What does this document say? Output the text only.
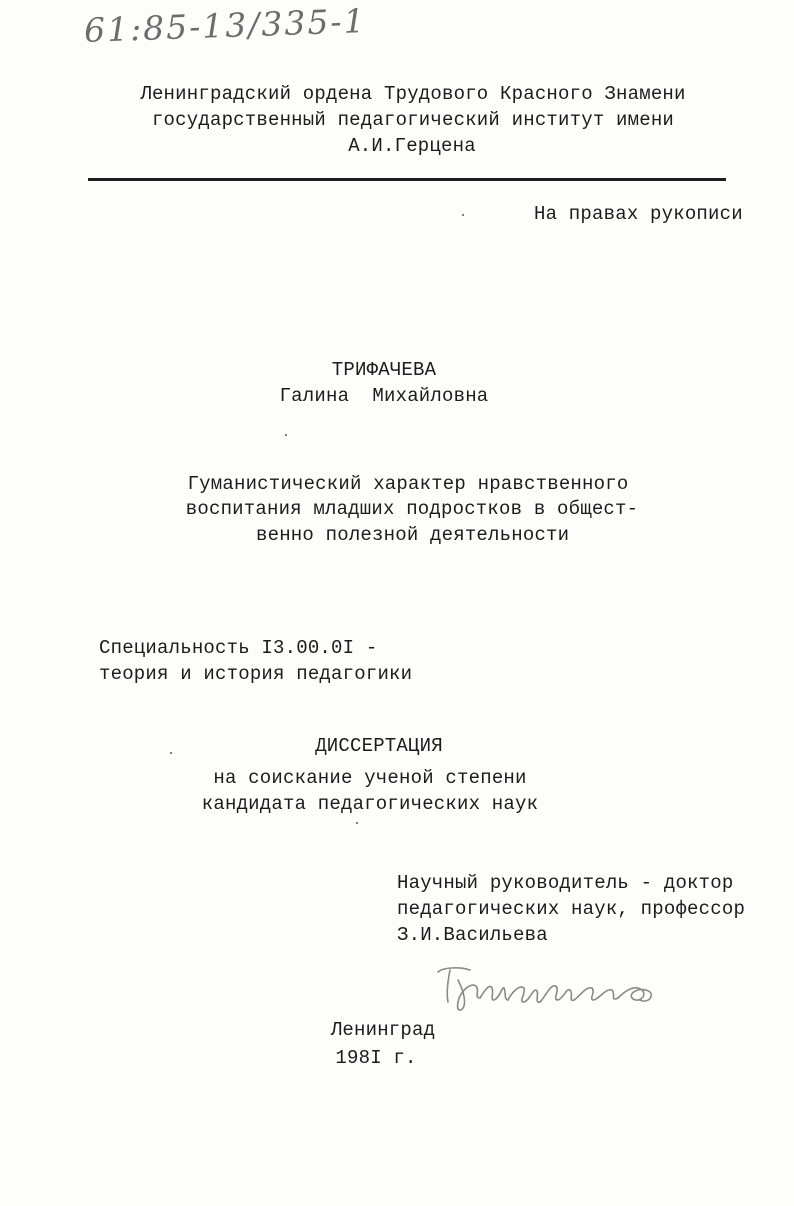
61:85-13/335-1
Ленинградский ордена Трудового Красного Знамени
государственный педагогический институт имени
А.И.Герцена
На правах рукописи
ТРИФАЧЕВА
Галина  Михайловна
Гуманистический характер нравственного
воспитания младших подростков в общест-
венно полезной деятельности
Специальность I3.00.0I -
теория и история педагогики
ДИССЕРТАЦИЯ
на соискание ученой степени
кандидата педагогических наук
Научный руководитель - доктор
педагогических наук, профессор
З.И.Васильева
Ленинград
198I г.
